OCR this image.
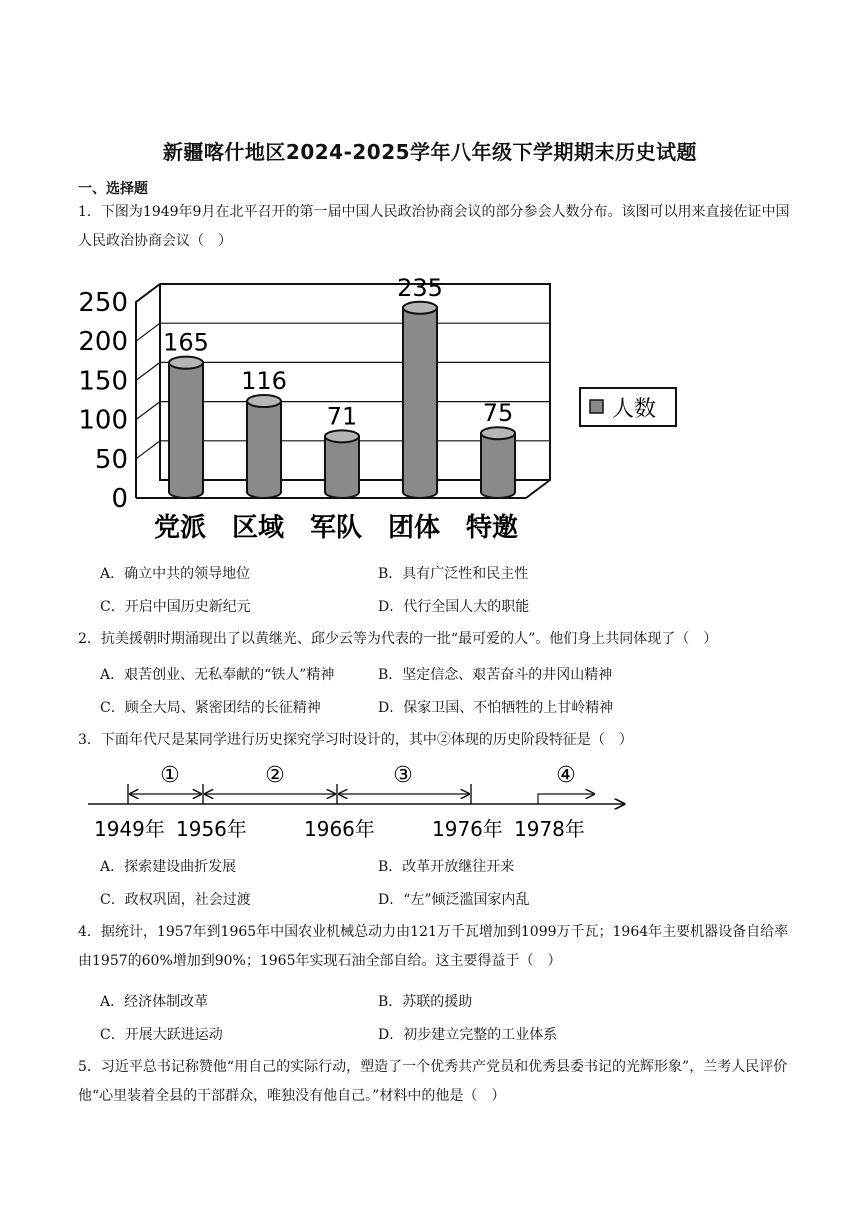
新疆喀什地区2024-2025学年八年级下学期期末历史试题
一、选择题
1．下图为1949年9月在北平召开的第一届中国人民政治协商会议的部分参会人数分布。该图可以用来直接佐证中国人民政治协商会议（　）
250
200
150
100
50
0
165
116
71
235
75
党派 区域 军队 团体 特邀
人数
A．确立中共的领导地位	B．具有广泛性和民主性
C．开启中国历史新纪元	D．代行全国人大的职能
2．抗美援朝时期涌现出了以黄继光、邱少云等为代表的一批“最可爱的人”。他们身上共同体现了（　）
A．艰苦创业、无私奉献的“铁人”精神	B．坚定信念、艰苦奋斗的井冈山精神
C．顾全大局、紧密团结的长征精神	D．保家卫国、不怕牺牲的上甘岭精神
3．下面年代尺是某同学进行历史探究学习时设计的，其中②体现的历史阶段特征是（　）
①	②	③	④
1949年 1956年	1966年	1976年 1978年
A．探索建设曲折发展	B．改革开放继往开来
C．政权巩固，社会过渡	D．“左”倾泛滥国家内乱
4．据统计，1957年到1965年中国农业机械总动力由121万千瓦增加到1099万千瓦；1964年主要机器设备自给率由1957的60%增加到90%；1965年实现石油全部自给。这主要得益于（　）
A．经济体制改革	B．苏联的援助
C．开展大跃进运动	D．初步建立完整的工业体系
5．习近平总书记称赞他“用自己的实际行动，塑造了一个优秀共产党员和优秀县委书记的光辉形象”，兰考人民评价他“心里装着全县的干部群众，唯独没有他自己。”材料中的他是（　）
